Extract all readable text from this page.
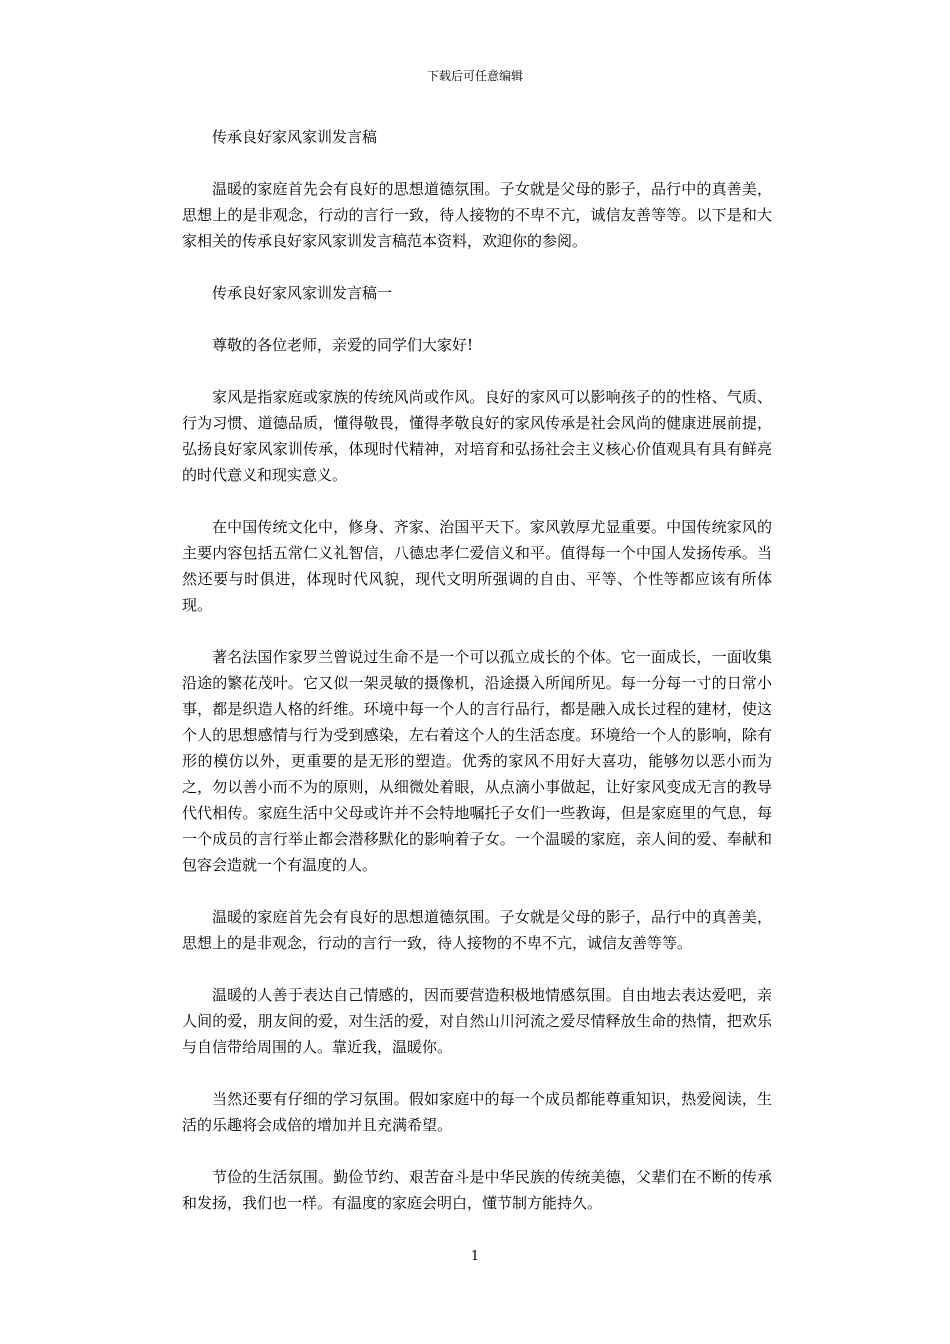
下载后可任意编辑

传承良好家风家训发言稿

温暖的家庭首先会有良好的思想道德氛围。子女就是父母的影子，品行中的真善美，思想上的是非观念，行动的言行一致，待人接物的不卑不亢，诚信友善等等。以下是和大家相关的传承良好家风家训发言稿范本资料，欢迎你的参阅。

传承良好家风家训发言稿一

尊敬的各位老师，亲爱的同学们大家好!

家风是指家庭或家族的传统风尚或作风。良好的家风可以影响孩子的的性格、气质、行为习惯、道德品质，懂得敬畏，懂得孝敬良好的家风传承是社会风尚的健康进展前提，弘扬良好家风家训传承，体现时代精神，对培育和弘扬社会主义核心价值观具有具有鲜亮的时代意义和现实意义。

在中国传统文化中，修身、齐家、治国平天下。家风敦厚尤显重要。中国传统家风的主要内容包括五常仁义礼智信，八德忠孝仁爱信义和平。值得每一个中国人发扬传承。当然还要与时俱进，体现时代风貌，现代文明所强调的自由、平等、个性等都应该有所体现。

著名法国作家罗兰曾说过生命不是一个可以孤立成长的个体。它一面成长，一面收集沿途的繁花茂叶。它又似一架灵敏的摄像机，沿途摄入所闻所见。每一分每一寸的日常小事，都是织造人格的纤维。环境中每一个人的言行品行，都是融入成长过程的建材，使这个人的思想感情与行为受到感染，左右着这个人的生活态度。环境给一个人的影响，除有形的模仿以外，更重要的是无形的塑造。优秀的家风不用好大喜功，能够勿以恶小而为之，勿以善小而不为的原则，从细微处着眼，从点滴小事做起，让好家风变成无言的教导代代相传。家庭生活中父母或许并不会特地嘱托子女们一些教诲，但是家庭里的气息，每一个成员的言行举止都会潜移默化的影响着子女。一个温暖的家庭，亲人间的爱、奉献和包容会造就一个有温度的人。

温暖的家庭首先会有良好的思想道德氛围。子女就是父母的影子，品行中的真善美，思想上的是非观念，行动的言行一致，待人接物的不卑不亢，诚信友善等等。

温暖的人善于表达自己情感的，因而要营造积极地情感氛围。自由地去表达爱吧，亲人间的爱，朋友间的爱，对生活的爱，对自然山川河流之爱尽情释放生命的热情，把欢乐与自信带给周围的人。靠近我，温暖你。

当然还要有仔细的学习氛围。假如家庭中的每一个成员都能尊重知识，热爱阅读，生活的乐趣将会成倍的增加并且充满希望。

节俭的生活氛围。勤俭节约、艰苦奋斗是中华民族的传统美德，父辈们在不断的传承和发扬，我们也一样。有温度的家庭会明白，懂节制方能持久。

1
